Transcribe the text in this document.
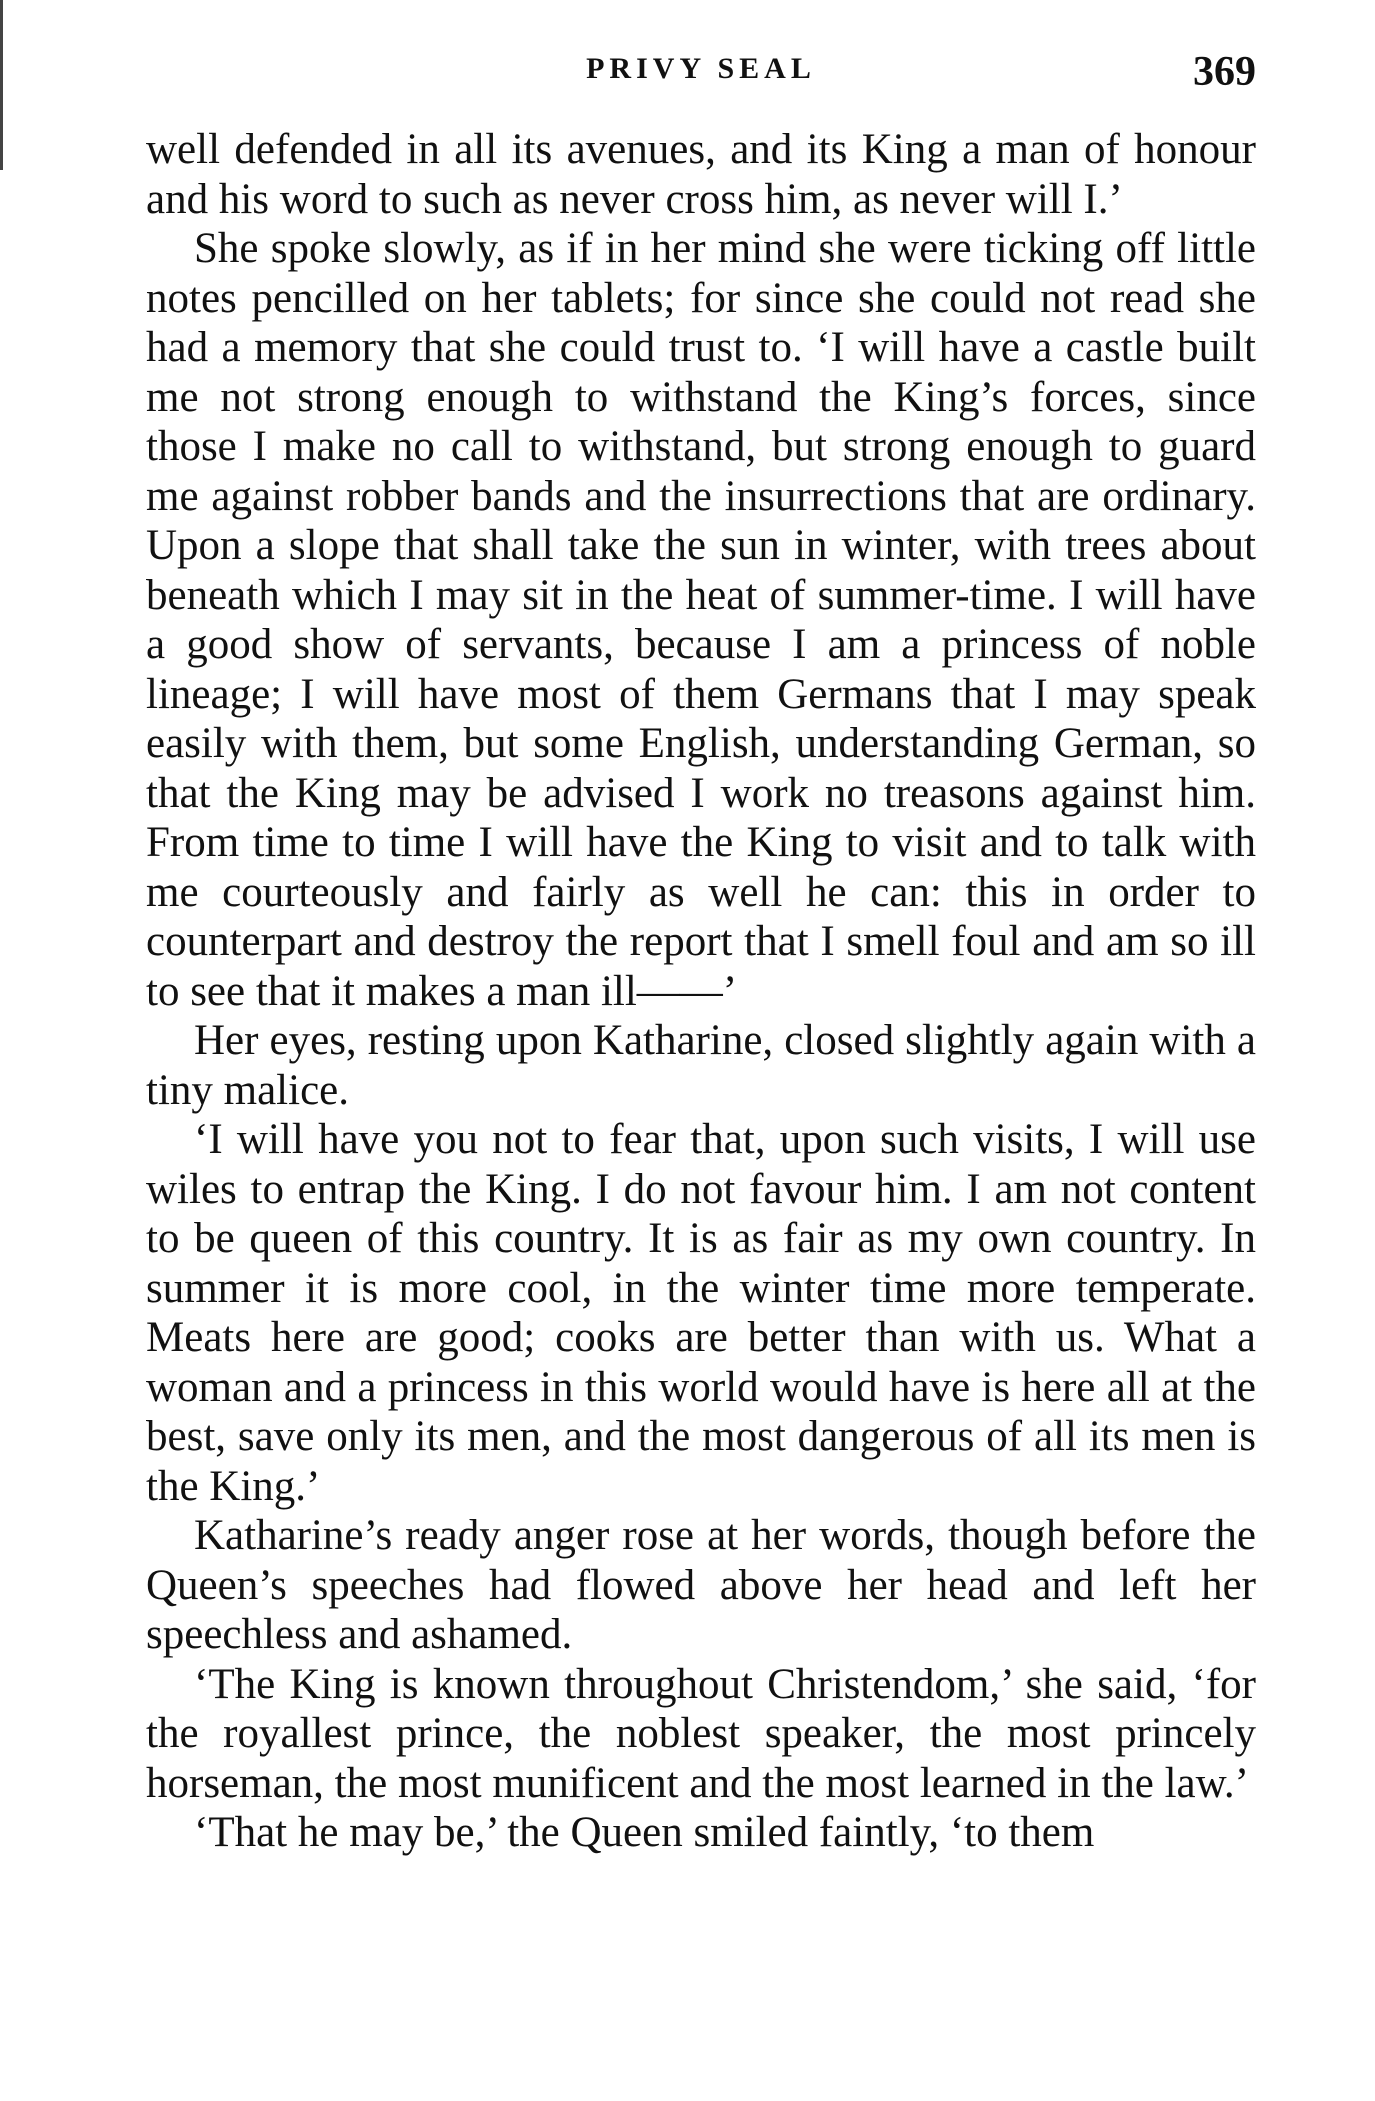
PRIVY SEAL	369

well defended in all its avenues, and its King a man of honour and his word to such as never cross him, as never will I.’

She spoke slowly, as if in her mind she were ticking off little notes pencilled on her tablets; for since she could not read she had a memory that she could trust to. ‘I will have a castle built me not strong enough to withstand the King’s forces, since those I make no call to withstand, but strong enough to guard me against robber bands and the insurrections that are ordinary. Upon a slope that shall take the sun in winter, with trees about beneath which I may sit in the heat of summer-time. I will have a good show of servants, because I am a princess of noble lineage; I will have most of them Germans that I may speak easily with them, but some English, understanding German, so that the King may be advised I work no treasons against him. From time to time I will have the King to visit and to talk with me courteously and fairly as well he can: this in order to counterpart and destroy the report that I smell foul and am so ill to see that it makes a man ill——’

Her eyes, resting upon Katharine, closed slightly again with a tiny malice.

‘I will have you not to fear that, upon such visits, I will use wiles to entrap the King. I do not favour him. I am not content to be queen of this country. It is as fair as my own country. In summer it is more cool, in the winter time more temperate. Meats here are good; cooks are better than with us. What a woman and a princess in this world would have is here all at the best, save only its men, and the most dangerous of all its men is the King.’

Katharine’s ready anger rose at her words, though before the Queen’s speeches had flowed above her head and left her speechless and ashamed.

‘The King is known throughout Christendom,’ she said, ‘for the royallest prince, the noblest speaker, the most princely horseman, the most munificent and the most learned in the law.’

‘That he may be,’ the Queen smiled faintly, ‘to them
